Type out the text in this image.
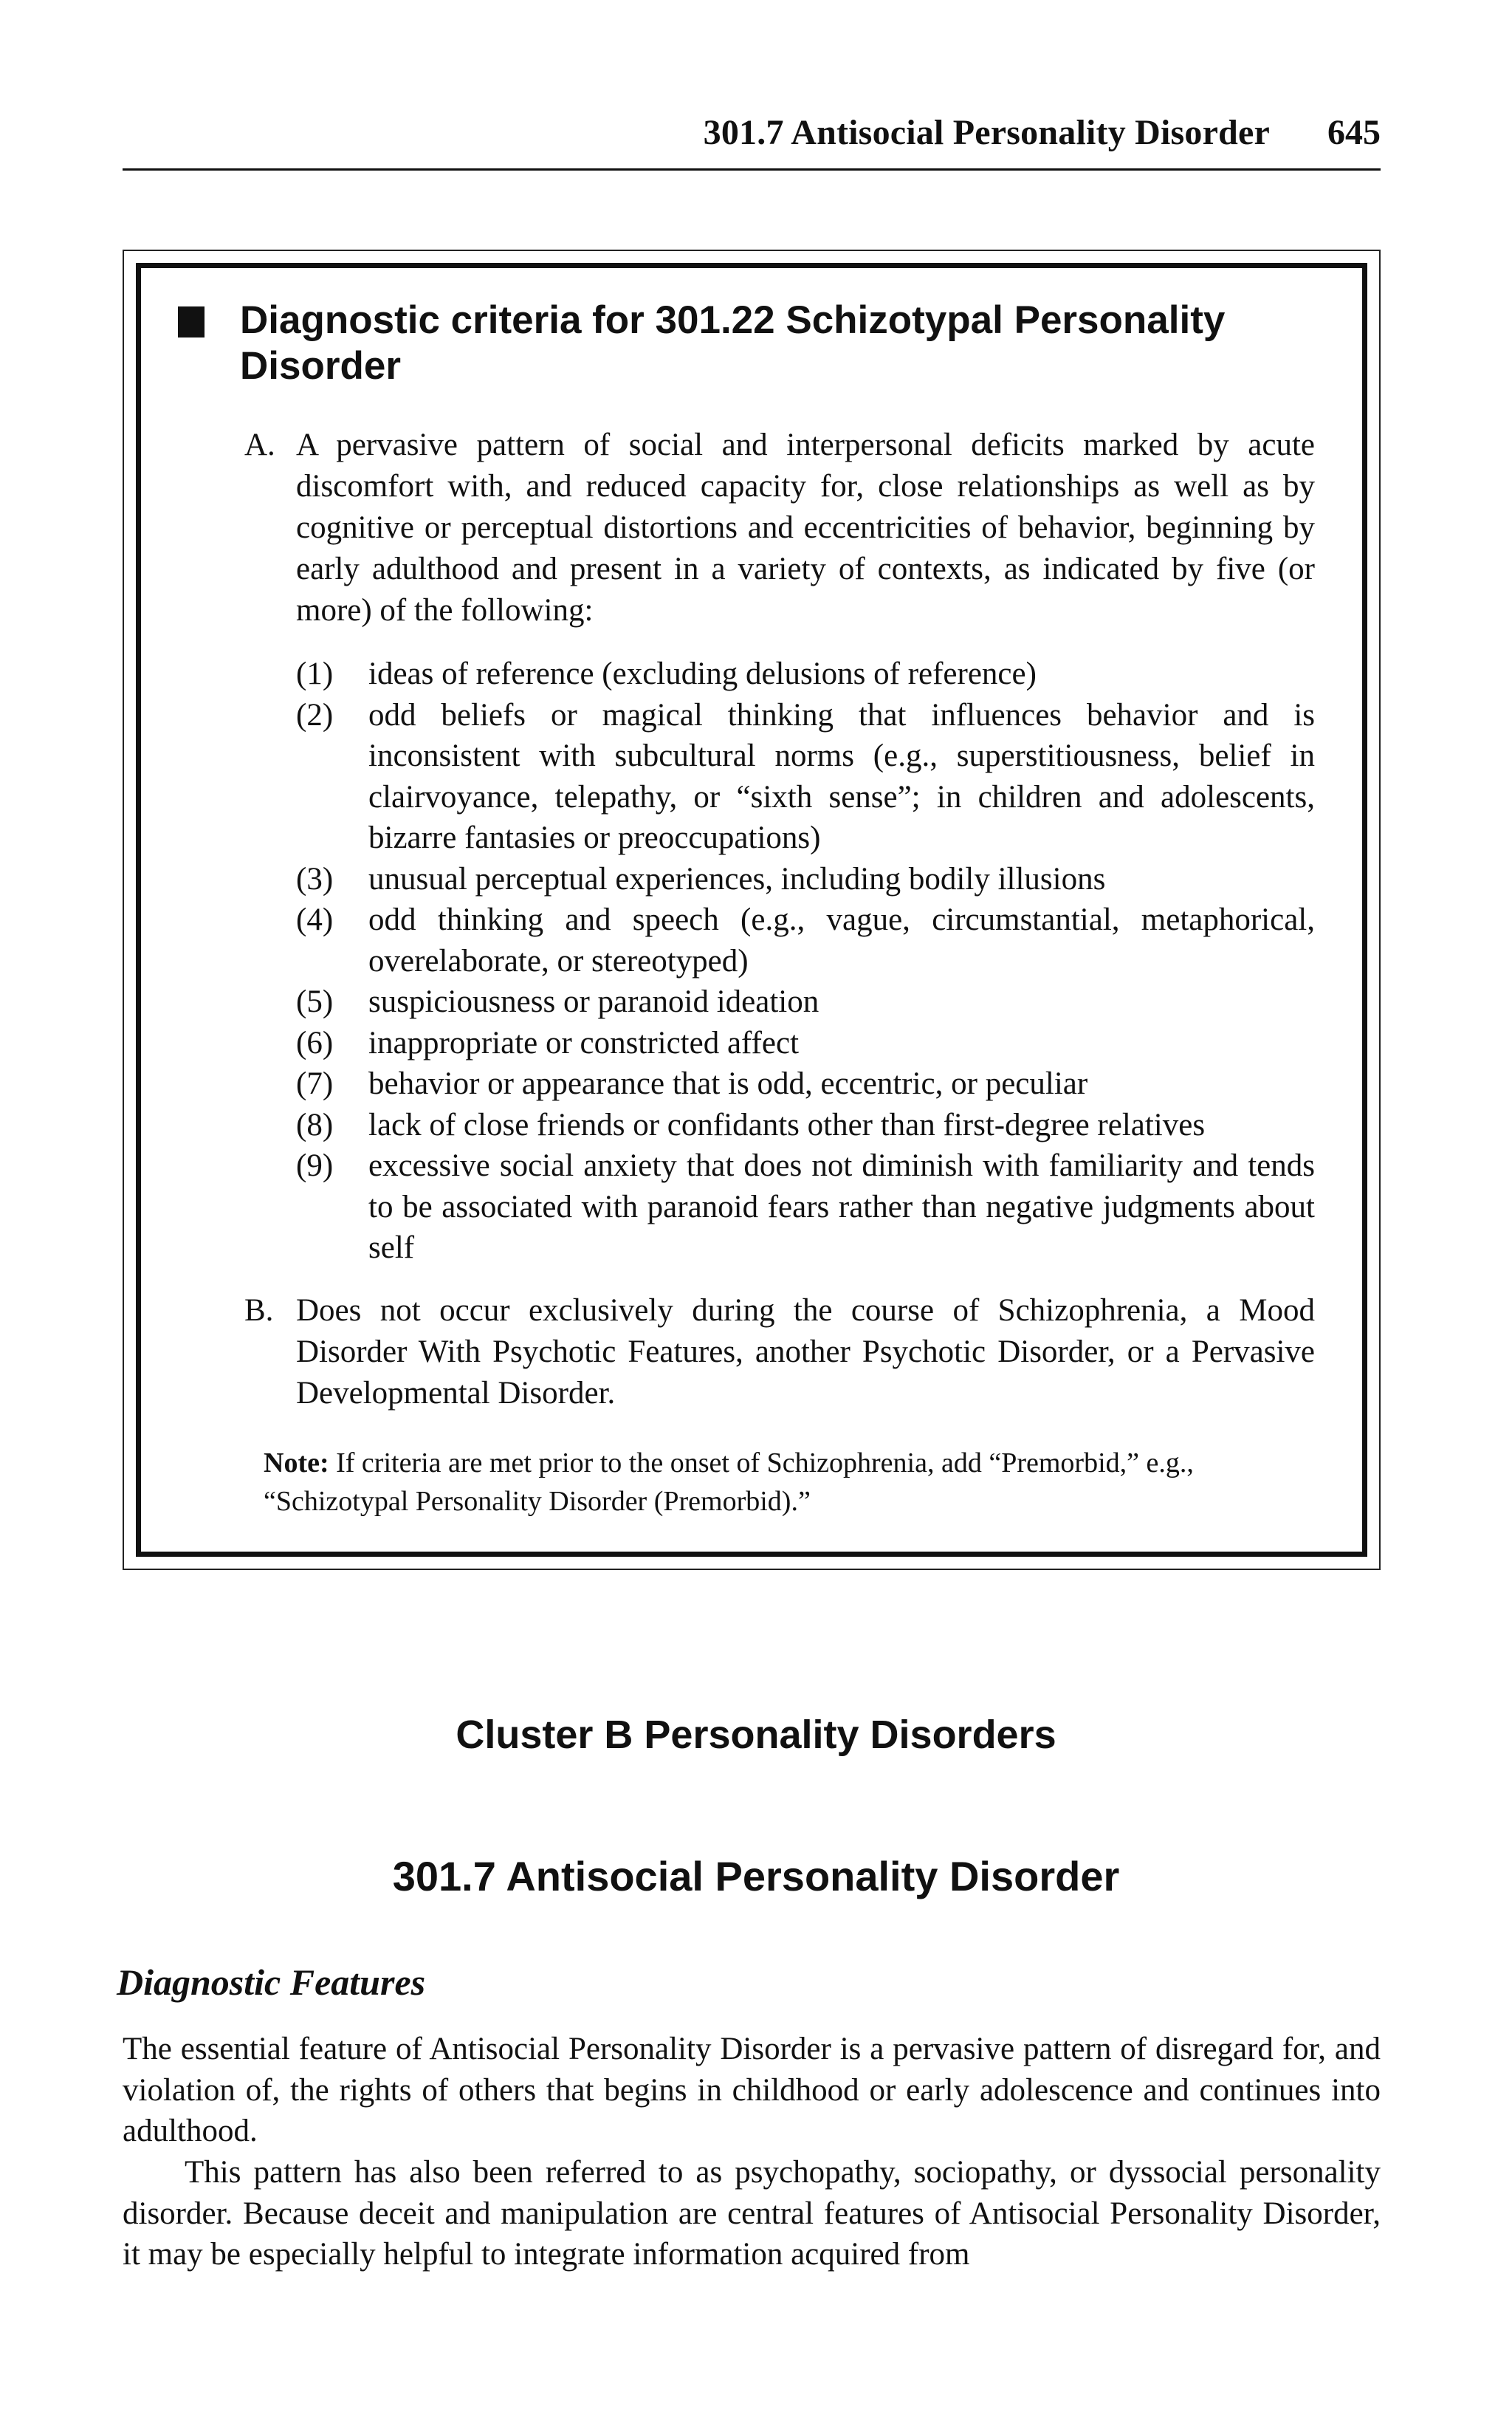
301.7 Antisocial Personality Disorder 645
Diagnostic criteria for 301.22 Schizotypal Personality
Disorder
A. A pervasive pattern of social and interpersonal deficits marked by acute discomfort with, and reduced capacity for, close relationships as well as by cognitive or perceptual distortions and eccentricities of behavior, beginning by early adulthood and present in a variety of contexts, as indicated by five (or more) of the following:
(1) ideas of reference (excluding delusions of reference)
(2) odd beliefs or magical thinking that influences behavior and is inconsistent with subcultural norms (e.g., superstitiousness, belief in clairvoyance, telepathy, or “sixth sense”; in children and adolescents, bizarre fantasies or preoccupations)
(3) unusual perceptual experiences, including bodily illusions
(4) odd thinking and speech (e.g., vague, circumstantial, metaphorical, overelaborate, or stereotyped)
(5) suspiciousness or paranoid ideation
(6) inappropriate or constricted affect
(7) behavior or appearance that is odd, eccentric, or peculiar
(8) lack of close friends or confidants other than first-degree relatives
(9) excessive social anxiety that does not diminish with familiarity and tends to be associated with paranoid fears rather than negative judgments about self
B. Does not occur exclusively during the course of Schizophrenia, a Mood Disorder With Psychotic Features, another Psychotic Disorder, or a Pervasive Developmental Disorder.
Note: If criteria are met prior to the onset of Schizophrenia, add “Premorbid,” e.g., “Schizotypal Personality Disorder (Premorbid).”
Cluster B Personality Disorders
301.7 Antisocial Personality Disorder
Diagnostic Features
The essential feature of Antisocial Personality Disorder is a pervasive pattern of disregard for, and violation of, the rights of others that begins in childhood or early adolescence and continues into adulthood.
This pattern has also been referred to as psychopathy, sociopathy, or dyssocial personality disorder. Because deceit and manipulation are central features of Antisocial Personality Disorder, it may be especially helpful to integrate information acquired from
